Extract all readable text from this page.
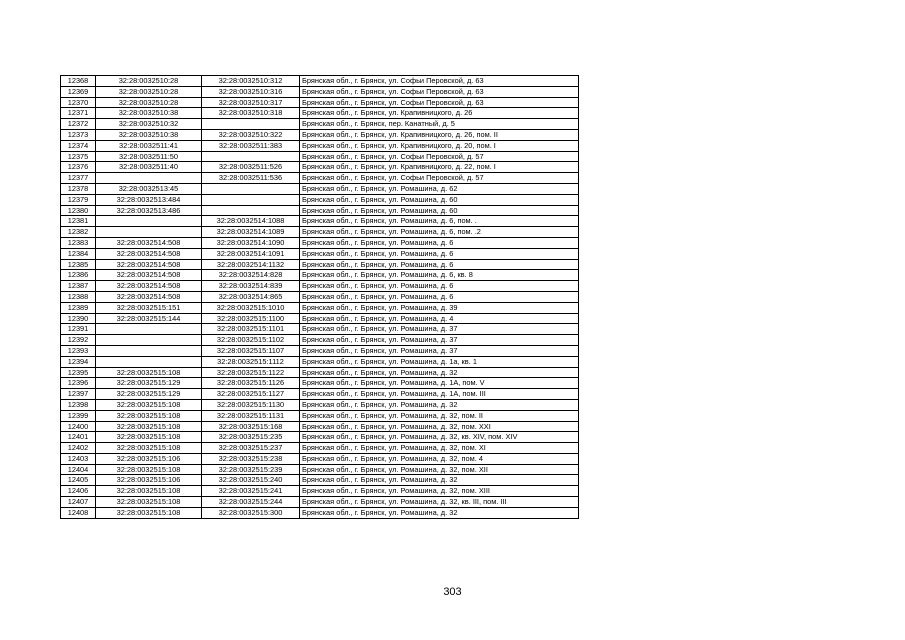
12368	32:28:0032510:28	32:28:0032510:312	Брянская обл., г. Брянск, ул. Софьи Перовской, д. 63
12369	32:28:0032510:28	32:28:0032510:316	Брянская обл., г. Брянск, ул. Софьи Перовской, д. 63
12370	32:28:0032510:28	32:28:0032510:317	Брянская обл., г. Брянск, ул. Софьи Перовской, д. 63
12371	32:28:0032510:38	32:28:0032510:318	Брянская обл., г. Брянск, ул. Крапивницкого, д. 26
12372	32:28:0032510:32		Брянская обл., г. Брянск, пер. Канатный, д. 5
12373	32:28:0032510:38	32:28:0032510:322	Брянская обл., г. Брянск, ул. Крапивницкого, д. 26, пом. II
12374	32:28:0032511:41	32:28:0032511:383	Брянская обл., г. Брянск, ул. Крапивницкого, д. 20, пом. I
12375	32:28:0032511:50		Брянская обл., г. Брянск, ул. Софьи Перовской, д. 57
12376	32:28:0032511:40	32:28:0032511:526	Брянская обл., г. Брянск, ул. Крапивницкого, д. 22, пом. I
12377		32:28:0032511:536	Брянская обл., г. Брянск, ул. Софьи Перовской, д. 57
12378	32:28:0032513:45		Брянская обл., г. Брянск, ул. Ромашина, д. 62
12379	32:28:0032513:484		Брянская обл., г. Брянск, ул. Ромашина, д. 60
12380	32:28:0032513:486		Брянская обл., г. Брянск, ул. Ромашина, д. 60
12381		32:28:0032514:1088	Брянская обл., г. Брянск, ул. Ромашина, д. 6, пом. .
12382		32:28:0032514:1089	Брянская обл., г. Брянск, ул. Ромашина, д. 6, пом. .2
12383	32:28:0032514:508	32:28:0032514:1090	Брянская обл., г. Брянск, ул. Ромашина, д. 6
12384	32:28:0032514:508	32:28:0032514:1091	Брянская обл., г. Брянск, ул. Ромашина, д. 6
12385	32:28:0032514:508	32:28:0032514:1132	Брянская обл., г. Брянск, ул. Ромашина, д. 6
12386	32:28:0032514:508	32:28:0032514:828	Брянская обл., г. Брянск, ул. Ромашина, д. 6, кв. 8
12387	32:28:0032514:508	32:28:0032514:839	Брянская обл., г. Брянск, ул. Ромашина, д. 6
12388	32:28:0032514:508	32:28:0032514:865	Брянская обл., г. Брянск, ул. Ромашина, д. 6
12389	32:28:0032515:151	32:28:0032515:1010	Брянская обл., г. Брянск, ул. Ромашина, д. 39
12390	32:28:0032515:144	32:28:0032515:1100	Брянская обл., г. Брянск, ул. Ромашина, д. 4
12391		32:28:0032515:1101	Брянская обл., г. Брянск, ул. Ромашина, д. 37
12392		32:28:0032515:1102	Брянская обл., г. Брянск, ул. Ромашина, д. 37
12393		32:28:0032515:1107	Брянская обл., г. Брянск, ул. Ромашина, д. 37
12394		32:28:0032515:1112	Брянская обл., г. Брянск, ул. Ромашина, д. 1а, кв. 1
12395	32:28:0032515:108	32:28:0032515:1122	Брянская обл., г. Брянск, ул. Ромашина, д. 32
12396	32:28:0032515:129	32:28:0032515:1126	Брянская обл., г. Брянск, ул. Ромашина, д. 1А, пом. V
12397	32:28:0032515:129	32:28:0032515:1127	Брянская обл., г. Брянск, ул. Ромашина, д. 1А, пом. III
12398	32:28:0032515:108	32:28:0032515:1130	Брянская обл., г. Брянск, ул. Ромашина, д. 32
12399	32:28:0032515:108	32:28:0032515:1131	Брянская обл., г. Брянск, ул. Ромашина, д. 32, пом. II
12400	32:28:0032515:108	32:28:0032515:168	Брянская обл., г. Брянск, ул. Ромашина, д. 32, пом. XXI
12401	32:28:0032515:108	32:28:0032515:235	Брянская обл., г. Брянск, ул. Ромашина, д. 32, кв. XIV, пом. XIV
12402	32:28:0032515:108	32:28:0032515:237	Брянская обл., г. Брянск, ул. Ромашина, д. 32, пом. XI
12403	32:28:0032515:106	32:28:0032515:238	Брянская обл., г. Брянск, ул. Ромашина, д. 32, пом. 4
12404	32:28:0032515:108	32:28:0032515:239	Брянская обл., г. Брянск, ул. Ромашина, д. 32, пом. XII
12405	32:28:0032515:106	32:28:0032515:240	Брянская обл., г. Брянск, ул. Ромашина, д. 32
12406	32:28:0032515:108	32:28:0032515:241	Брянская обл., г. Брянск, ул. Ромашина, д. 32, пом. XIII
12407	32:28:0032515:108	32:28:0032515:244	Брянская обл., г. Брянск, ул. Ромашина, д. 32, кв. III, пом. III
12408	32:28:0032515:108	32:28:0032515:300	Брянская обл., г. Брянск, ул. Ромашина, д. 32
303
